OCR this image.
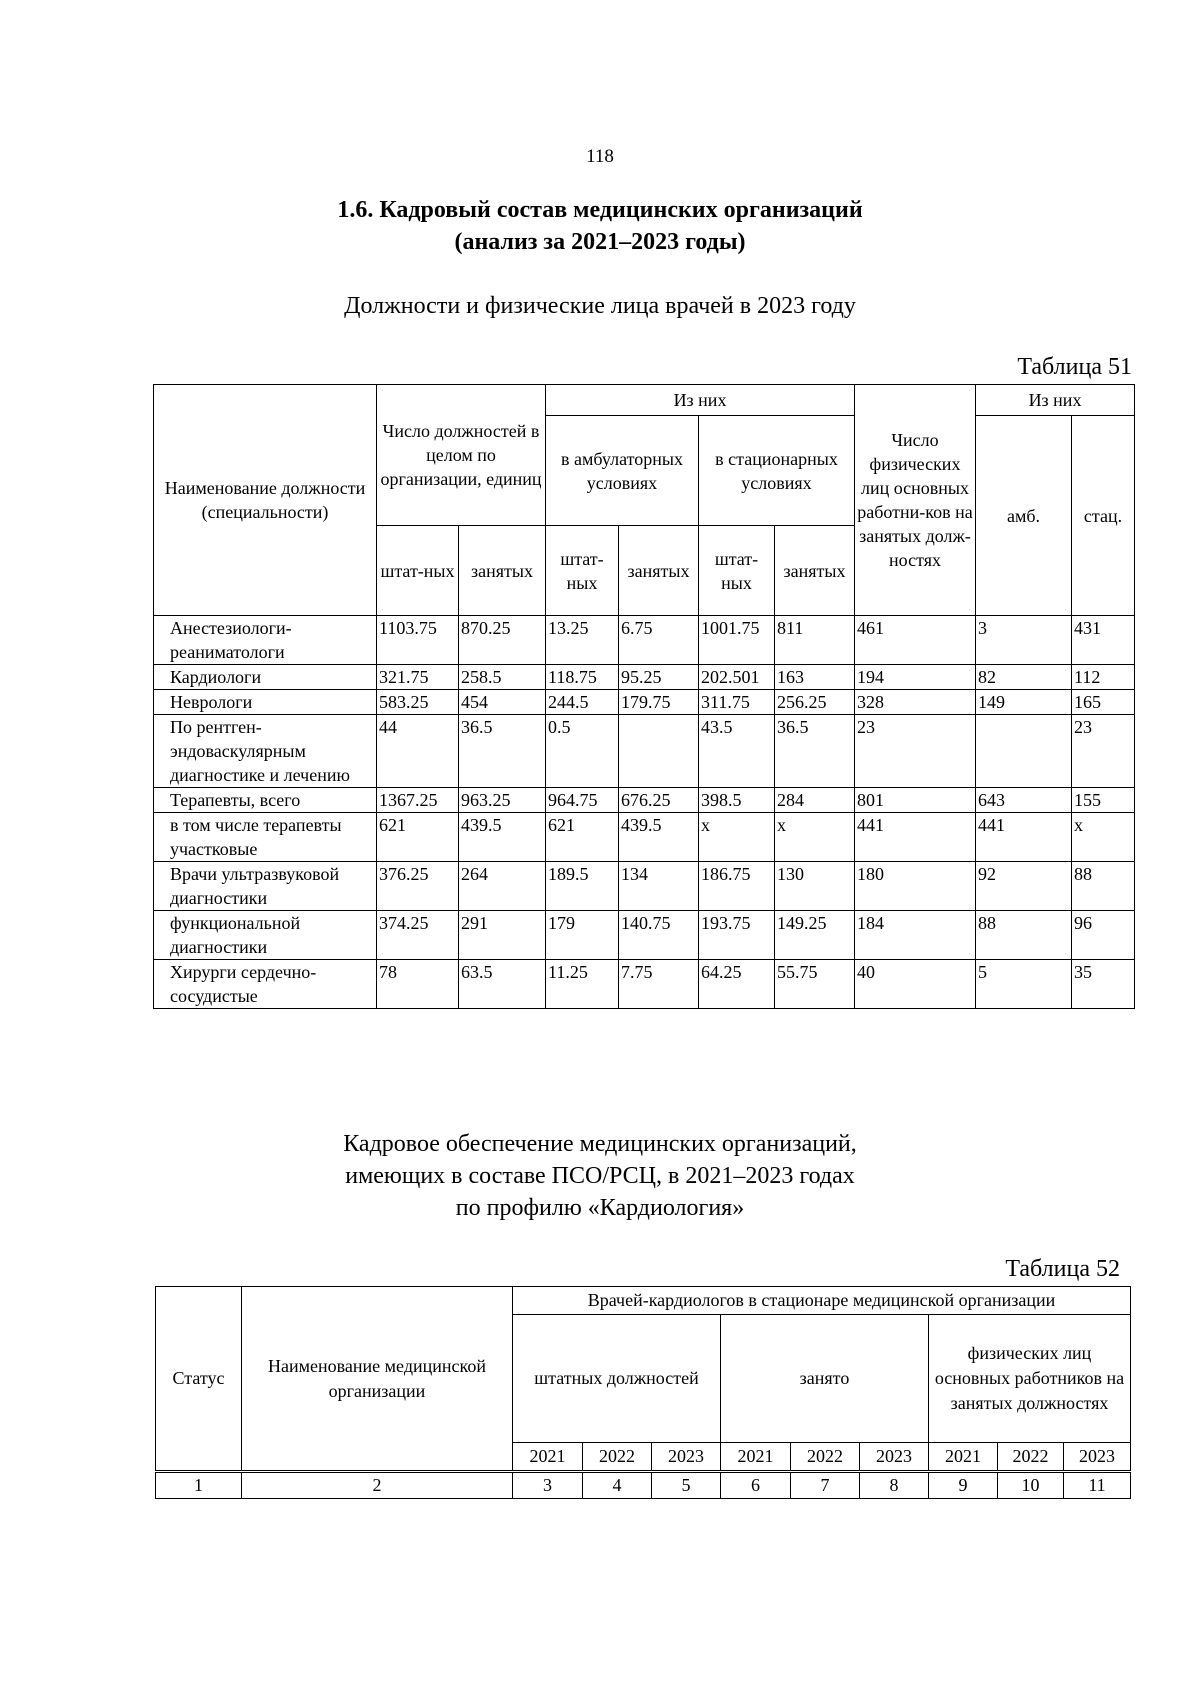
118
1.6. Кадровый состав медицинских организаций
(анализ за 2021–2023 годы)
Должности и физические лица врачей в 2023 году
Таблица 51
Наименование должности (специальности)	Число должностей в целом по организации, единиц		Из них				Число физических лиц основных работни-ков на занятых долж-ностях	Из них	
			в амбулаторных условиях		в стационарных условиях			амб.	стац.
	штат-ных	занятых	штат-ных	занятых	штат-ных	занятых			
Анестезиологи-реаниматологи	1103.75	870.25	13.25	6.75	1001.75	811	461	3	431
Кардиологи	321.75	258.5	118.75	95.25	202.501	163	194	82	112
Неврологи	583.25	454	244.5	179.75	311.75	256.25	328	149	165
По рентген-эндоваскулярным диагностике и лечению	44	36.5	0.5		43.5	36.5	23		23
Терапевты, всего	1367.25	963.25	964.75	676.25	398.5	284	801	643	155
в том числе терапевты участковые	621	439.5	621	439.5	x	x	441	441	x
Врачи ультразвуковой диагностики	376.25	264	189.5	134	186.75	130	180	92	88
функциональной диагностики	374.25	291	179	140.75	193.75	149.25	184	88	96
Хирурги сердечно-сосудистые	78	63.5	11.25	7.75	64.25	55.75	40	5	35
Кадровое обеспечение медицинских организаций,
имеющих в составе ПСО/РСЦ, в 2021–2023 годах
по профилю «Кардиология»
Таблица 52
Статус	Наименование медицинской организации	Врачей-кардиологов в стационаре медицинской организации								
		штатных должностей			занято			физических лиц основных работников на занятых должностях		
		2021	2022	2023	2021	2022	2023	2021	2022	2023
1	2	3	4	5	6	7	8	9	10	11
